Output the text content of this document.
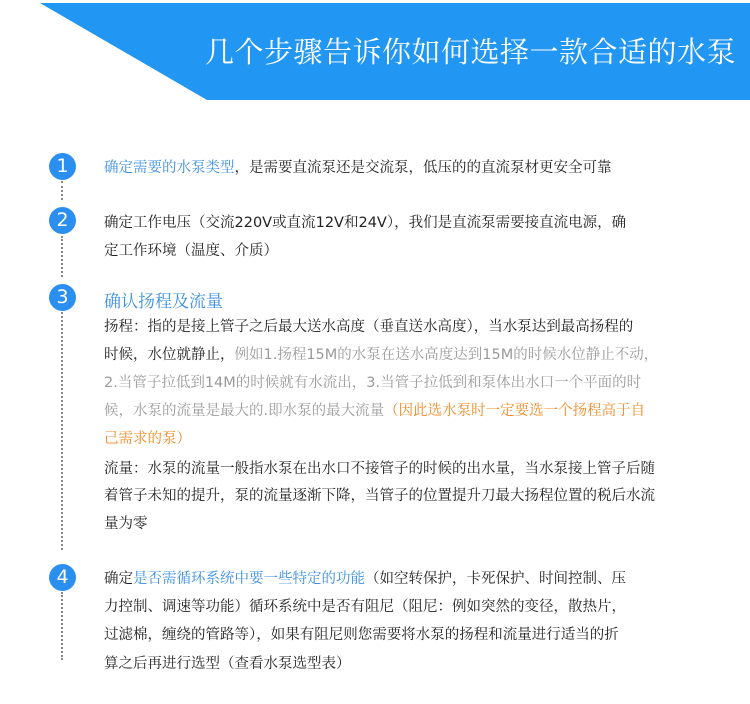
几个步骤告诉你如何选择一款合适的水泵
1	确定需要的水泵类型，是需要直流泵还是交流泵，低压的的直流泵材更安全可靠
2	确定工作电压（交流220V或直流12V和24V），我们是直流泵需要接直流电源，确
定工作环境（温度、介质）
3	确认扬程及流量
扬程：指的是接上管子之后最大送水高度（垂直送水高度），当水泵达到最高扬程的
时候，水位就静止，例如1.扬程15M的水泵在送水高度达到15M的时候水位静止不动，
2.当管子拉低到14M的时候就有水流出，3.当管子拉低到和泵体出水口一个平面的时
候，水泵的流量是最大的.即水泵的最大流量（因此选水泵时一定要选一个扬程高于自
己需求的泵）
流量：水泵的流量一般指水泵在出水口不接管子的时候的出水量，当水泵接上管子后随
着管子未知的提升，泵的流量逐渐下降，当管子的位置提升刀最大扬程位置的税后水流
量为零
4	确定是否需循环系统中要一些特定的功能（如空转保护，卡死保护、时间控制、压
力控制、调速等功能）循环系统中是否有阻尼（阻尼：例如突然的变径，散热片，
过滤棉，缠绕的管路等），如果有阻尼则您需要将水泵的扬程和流量进行适当的折
算之后再进行选型（查看水泵选型表）
